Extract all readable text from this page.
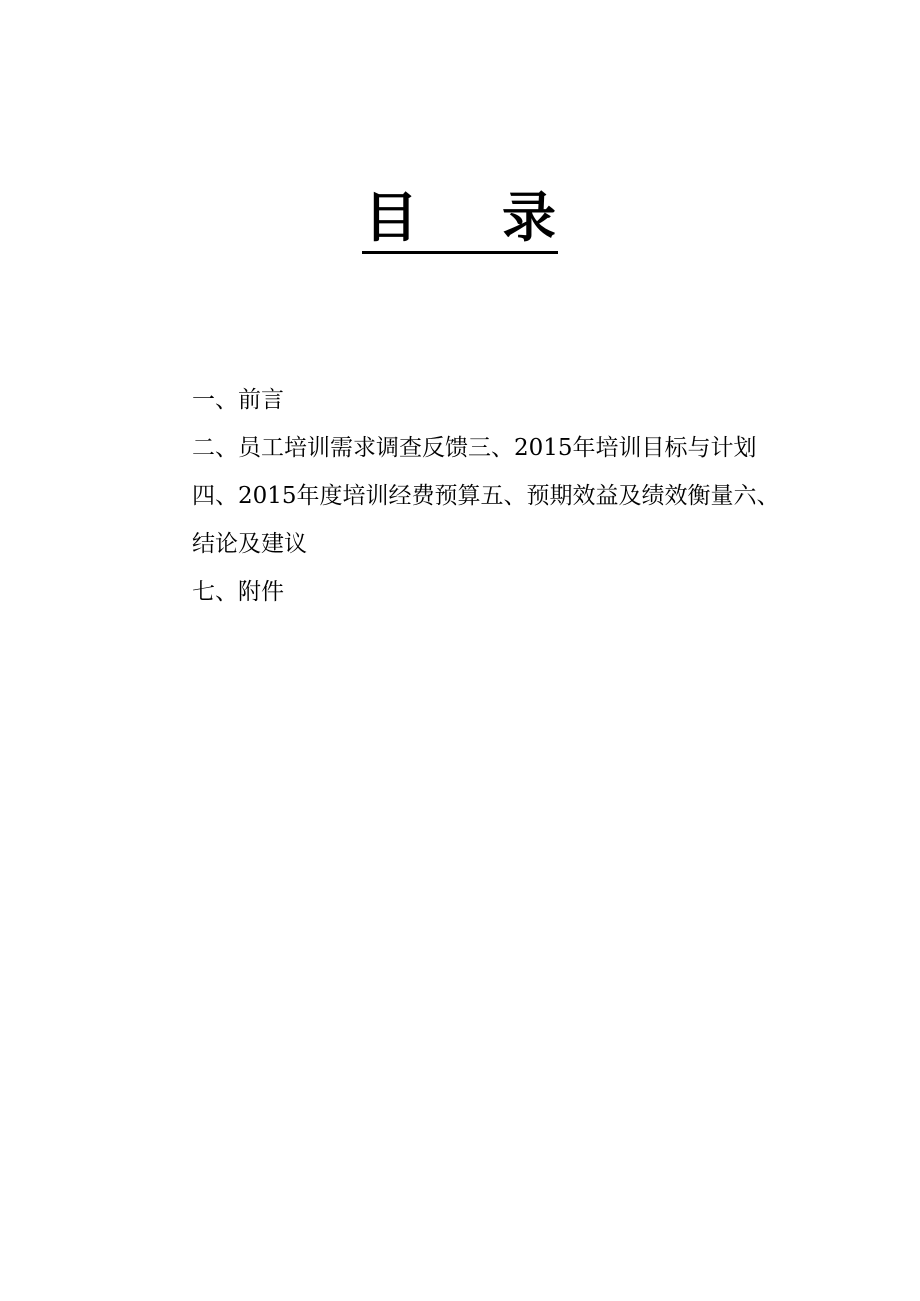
目 录
一、前言
二、员工培训需求调查反馈三、2015年培训目标与计划
四、2015年度培训经费预算五、预期效益及绩效衡量六、
结论及建议
七、附件
